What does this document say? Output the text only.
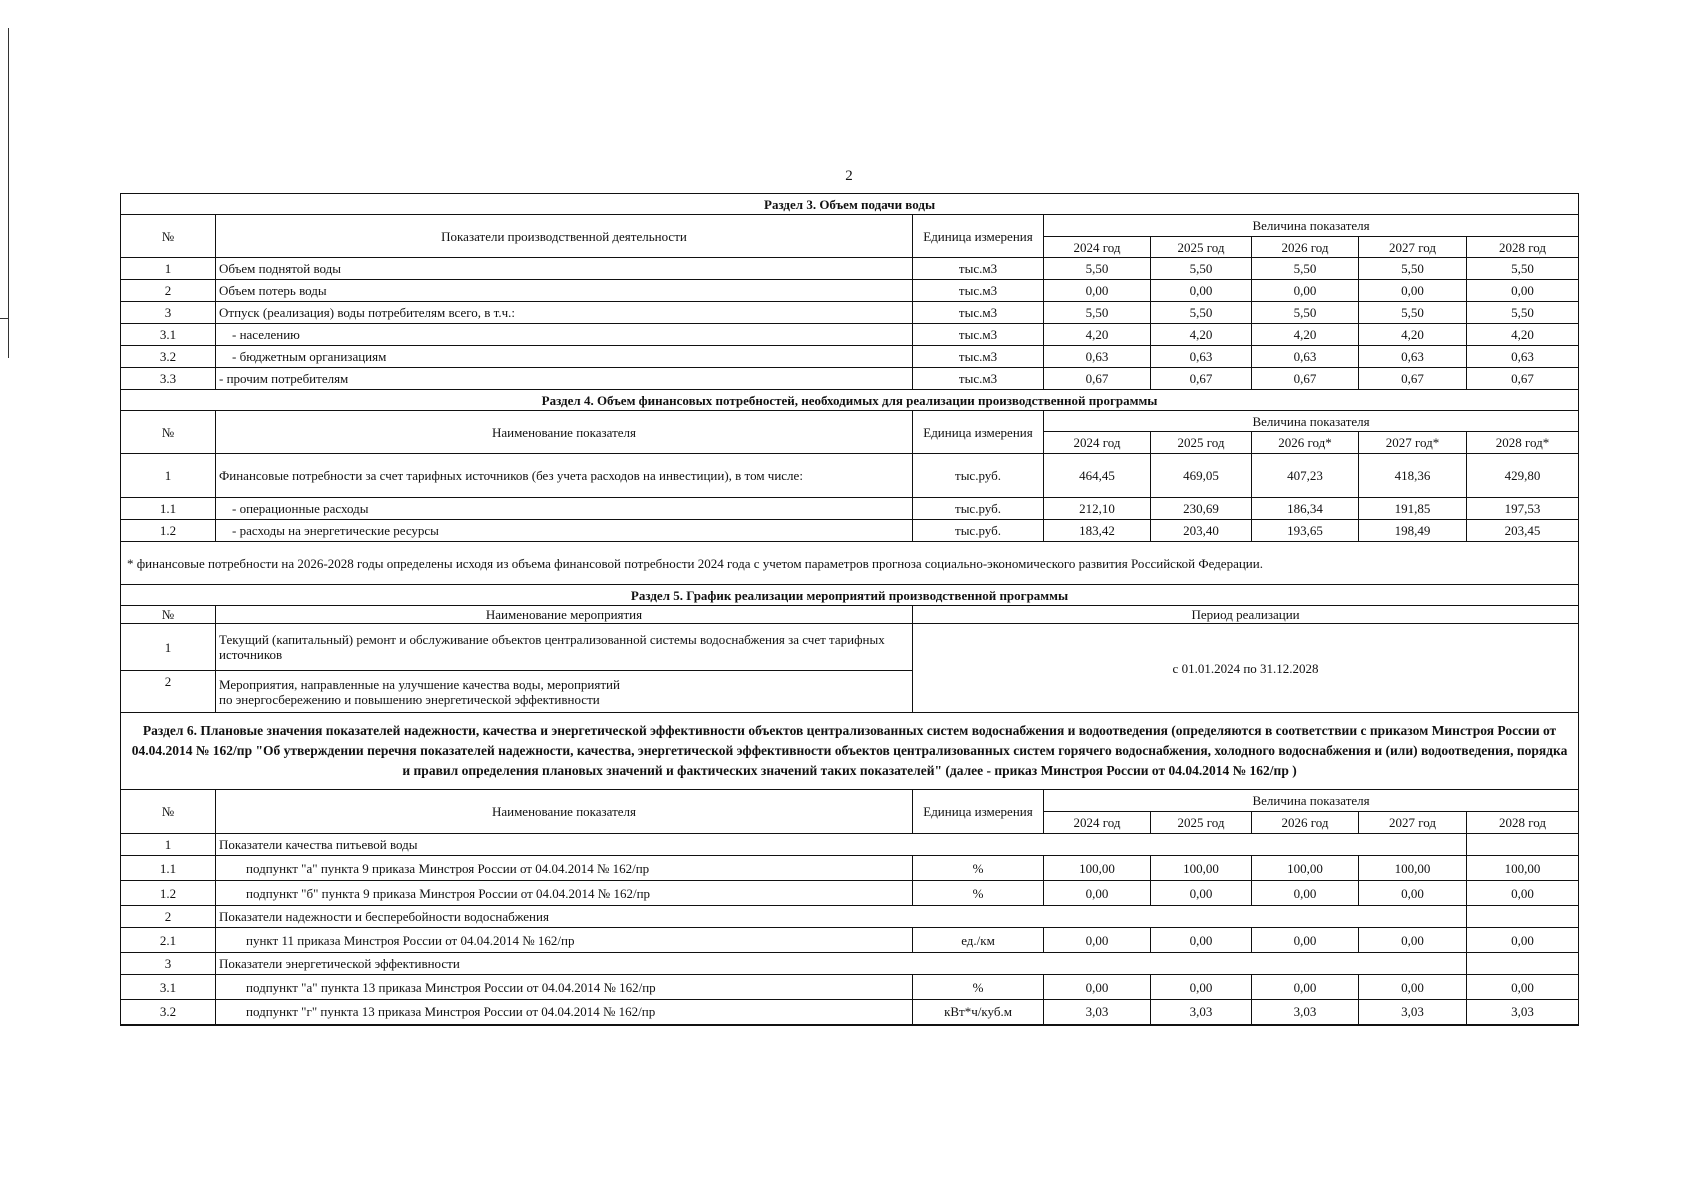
2
Раздел 3. Объем подачи воды							
№	Показатели производственной деятельности	Единица измерения	Величина показателя				
			2024 год	2025 год	2026 год	2027 год	2028 год
1	Объем поднятой воды	тыс.м3	5,50	5,50	5,50	5,50	5,50
2	Объем потерь воды	тыс.м3	0,00	0,00	0,00	0,00	0,00
3	Отпуск (реализация) воды потребителям всего, в т.ч.:	тыс.м3	5,50	5,50	5,50	5,50	5,50
3.1	- населению	тыс.м3	4,20	4,20	4,20	4,20	4,20
3.2	- бюджетным организациям	тыс.м3	0,63	0,63	0,63	0,63	0,63
3.3	- прочим потребителям	тыс.м3	0,67	0,67	0,67	0,67	0,67
Раздел 4. Объем финансовых потребностей, необходимых для реализации производственной программы							
№	Наименование показателя	Единица измерения	Величина показателя				
			2024 год	2025 год	2026 год*	2027 год*	2028 год*
1	Финансовые потребности за счет тарифных источников (без учета расходов на инвестиции), в том числе:	тыс.руб.	464,45	469,05	407,23	418,36	429,80
1.1	- операционные расходы	тыс.руб.	212,10	230,69	186,34	191,85	197,53
1.2	- расходы на энергетические ресурсы	тыс.руб.	183,42	203,40	193,65	198,49	203,45
* финансовые потребности на 2026-2028 годы определены исходя из объема финансовой потребности 2024 года с учетом параметров прогноза социально-экономического развития Российской Федерации.							
Раздел 5. График реализации мероприятий производственной программы							
№	Наименование мероприятия	Период реализации					
1	Текущий (капитальный) ремонт и обслуживание объектов централизованной системы водоснабжения за счет тарифных источников	с 01.01.2024 по 31.12.2028					
2	Мероприятия, направленные на улучшение качества воды, мероприятий
по энергосбережению и повышению энергетической эффективности						

Раздел 6. Плановые значения показателей надежности, качества и энергетической эффективности объектов централизованных систем водоснабжения и водоотведения (определяются в соответствии с приказом Минстроя России от 04.04.2014 № 162/пр "Об утверждении перечня показателей надежности, качества, энергетической эффективности объектов централизованных систем горячего водоснабжения, холодного водоснабжения и (или) водоотведения, порядка и правил определения плановых значений и фактических значений таких показателей" (далее - приказ Минстроя России от 04.04.2014 № 162/пр )							
№	Наименование показателя	Единица измерения	Величина показателя				
			2024 год	2025 год	2026 год	2027 год	2028 год
1	Показатели качества питьевой воды						
1.1	подпункт "а" пункта 9 приказа Минстроя России от 04.04.2014 № 162/пр	%	100,00	100,00	100,00	100,00	100,00
1.2	подпункт "б" пункта 9 приказа Минстроя России от 04.04.2014 № 162/пр	%	0,00	0,00	0,00	0,00	0,00
2	Показатели надежности и бесперебойности водоснабжения						
2.1	пункт 11 приказа Минстроя России от 04.04.2014 № 162/пр	ед./км	0,00	0,00	0,00	0,00	0,00
3	Показатели энергетической эффективности						
3.1	подпункт "а" пункта 13 приказа Минстроя России от 04.04.2014 № 162/пр	%	0,00	0,00	0,00	0,00	0,00
3.2	подпункт "г" пункта 13 приказа Минстроя России от 04.04.2014 № 162/пр	кВт*ч/куб.м	3,03	3,03	3,03	3,03	3,03
